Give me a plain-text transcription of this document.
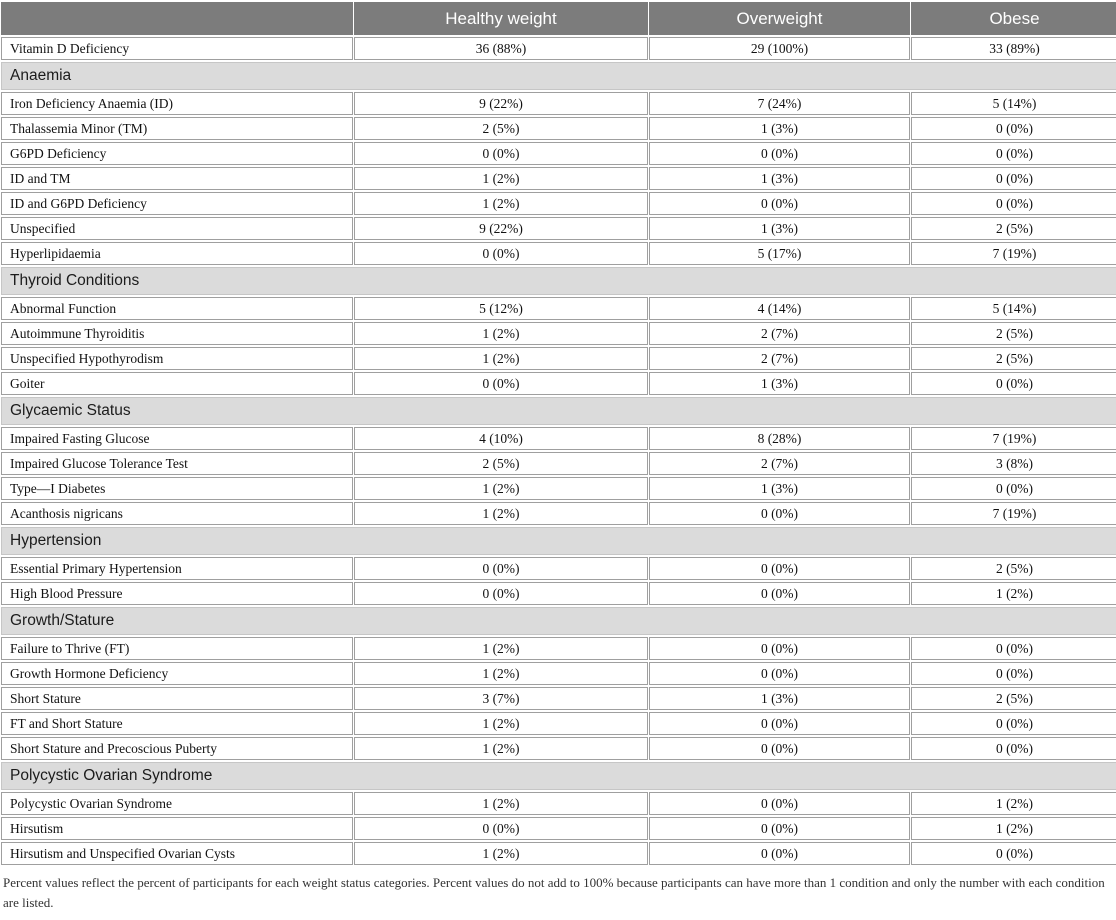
	Healthy weight	Overweight	Obese
Vitamin D Deficiency	36 (88%)	29 (100%)	33 (89%)
Anaemia			
Iron Deficiency Anaemia (ID)	9 (22%)	7 (24%)	5 (14%)
Thalassemia Minor (TM)	2 (5%)	1 (3%)	0 (0%)
G6PD Deficiency	0 (0%)	0 (0%)	0 (0%)
ID and TM	1 (2%)	1 (3%)	0 (0%)
ID and G6PD Deficiency	1 (2%)	0 (0%)	0 (0%)
Unspecified	9 (22%)	1 (3%)	2 (5%)
Hyperlipidaemia	0 (0%)	5 (17%)	7 (19%)
Thyroid Conditions			
Abnormal Function	5 (12%)	4 (14%)	5 (14%)
Autoimmune Thyroiditis	1 (2%)	2 (7%)	2 (5%)
Unspecified Hypothyrodism	1 (2%)	2 (7%)	2 (5%)
Goiter	0 (0%)	1 (3%)	0 (0%)
Glycaemic Status			
Impaired Fasting Glucose	4 (10%)	8 (28%)	7 (19%)
Impaired Glucose Tolerance Test	2 (5%)	2 (7%)	3 (8%)
Type—I Diabetes	1 (2%)	1 (3%)	0 (0%)
Acanthosis nigricans	1 (2%)	0 (0%)	7 (19%)
Hypertension			
Essential Primary Hypertension	0 (0%)	0 (0%)	2 (5%)
High Blood Pressure	0 (0%)	0 (0%)	1 (2%)
Growth/Stature			
Failure to Thrive (FT)	1 (2%)	0 (0%)	0 (0%)
Growth Hormone Deficiency	1 (2%)	0 (0%)	0 (0%)
Short Stature	3 (7%)	1 (3%)	2 (5%)
FT and Short Stature	1 (2%)	0 (0%)	0 (0%)
Short Stature and Precoscious Puberty	1 (2%)	0 (0%)	0 (0%)
Polycystic Ovarian Syndrome			
Polycystic Ovarian Syndrome	1 (2%)	0 (0%)	1 (2%)
Hirsutism	0 (0%)	0 (0%)	1 (2%)
Hirsutism and Unspecified Ovarian Cysts	1 (2%)	0 (0%)	0 (0%)
Percent values reflect the percent of participants for each weight status categories. Percent values do not add to 100% because participants can have more than 1 condition and only the number with each condition are listed.
